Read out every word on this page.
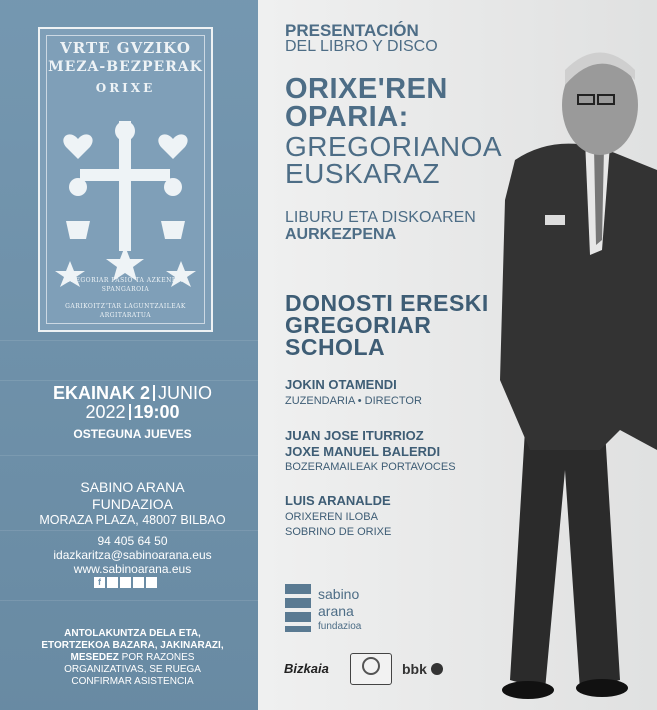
VRTE GVZIKO
MEZA-BEZPERAK
ORIXE
GREGORIAR PASIO TA AZKENETA
SPANGAROIA
GARIKOITZ'TAR LAGUNTZAILEAK
ARGITARATUA
EKAINAK 2 JUNIO
2022 19:00
OSTEGUNA JUEVES
SABINO ARANA
FUNDAZIOA
MORAZA PLAZA, 48007 BILBAO
94 405 64 50
idazkaritza@sabinoarana.eus
www.sabinoarana.eus
f
ANTOLAKUNTZA DELA ETA,
ETORTZEKOA BAZARA, JAKINARAZI,
MESEDEZ POR RAZONES
ORGANIZATIVAS, SE RUEGA
CONFIRMAR ASISTENCIA
PRESENTACIÓN
DEL LIBRO Y DISCO
ORIXE'REN
OPARIA:
GREGORIANOA
EUSKARAZ
LIBURU ETA DISKOAREN
AURKEZPENA
DONOSTI ERESKI
GREGORIAR
SCHOLA
JOKIN OTAMENDI
ZUZENDARIA • DIRECTOR
JUAN JOSE ITURRIOZ
JOXE MANUEL BALERDI
BOZERAMAILEAK PORTAVOCES
LUIS ARANALDE
ORIXEREN ILOBA
SOBRINO DE ORIXE
sabino
arana
fundazioa
Bizkaia	bbk
